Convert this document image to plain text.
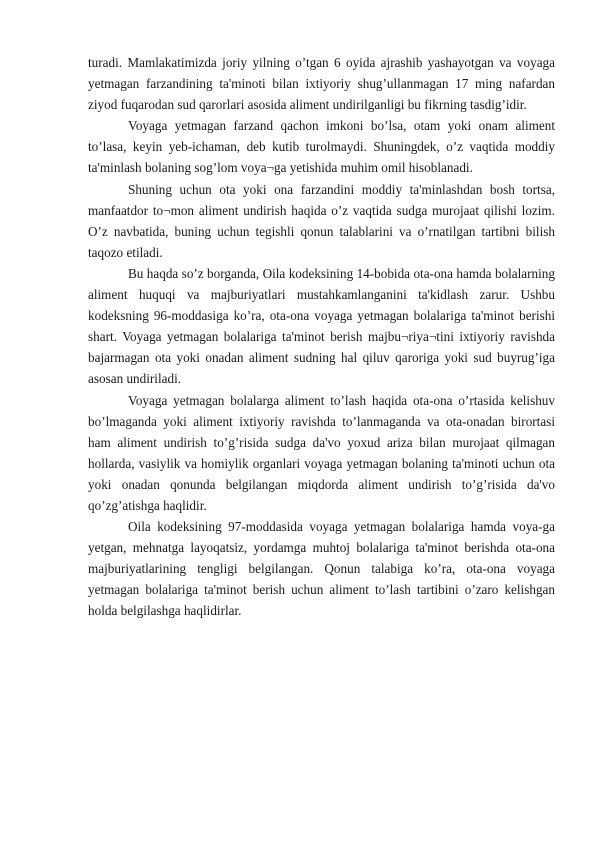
turadi. Mamlakatimizda joriy yilning o’tgan 6 oyida ajrashib yashayotgan va voyaga yetmagan farzandining ta'minoti bilan ixtiyoriy shug’ullanmagan 17 ming nafardan ziyod fuqarodan sud qarorlari asosida aliment undirilganligi bu fikrning tasdig’idir.

Voyaga yetmagan farzand qachon imkoni bo’lsa, otam yoki onam aliment to’lasa, keyin yeb-ichaman, deb kutib turolmaydi. Shuningdek, o’z vaqtida moddiy ta'minlash bolaning sog’lom voya¬ga yetishida muhim omil hisoblanadi.

Shuning uchun ota yoki ona farzandini moddiy ta'minlashdan bosh tortsa, manfaatdor to¬mon aliment undirish haqida o’z vaqtida sudga murojaat qilishi lozim. O’z navbatida, buning uchun tegishli qonun talablarini va o’rnatilgan tartibni bilish taqozo etiladi.

Bu haqda so’z borganda, Oila kodeksining 14-bobida ota-ona hamda bolalarning aliment huquqi va majburiyatlari mustahkamlanganini ta'kidlash zarur. Ushbu kodeksning 96-moddasiga ko’ra, ota-ona voyaga yetmagan bolalariga ta'minot berishi shart. Voyaga yetmagan bolalariga ta'minot berish majbu¬riya¬tini ixtiyoriy ravishda bajarmagan ota yoki onadan aliment sudning hal qiluv qaroriga yoki sud buyrug’iga asosan undiriladi.

Voyaga yetmagan bolalarga aliment to’lash haqida ota-ona o’rtasida kelishuv bo’lmaganda yoki aliment ixtiyoriy ravishda to’lanmaganda va ota-onadan birortasi ham aliment undirish to’g’risida sudga da'vo yoxud ariza bilan murojaat qilmagan hollarda, vasiylik va homiylik organlari voyaga yetmagan bolaning ta'minoti uchun ota yoki onadan qonunda belgilangan miqdorda aliment undirish to’g’risida da'vo qo’zg’atishga haqlidir.

Oila kodeksining 97-moddasida voyaga yetmagan bolalariga hamda voya-ga yetgan, mehnatga layoqatsiz, yordamga muhtoj bolalariga ta'minot berishda ota-ona majburiyatlarining tengligi belgilangan. Qonun talabiga ko’ra, ota-ona voyaga yetmagan bolalariga ta'minot berish uchun aliment to’lash tartibini o’zaro kelishgan holda belgilashga haqlidirlar.
